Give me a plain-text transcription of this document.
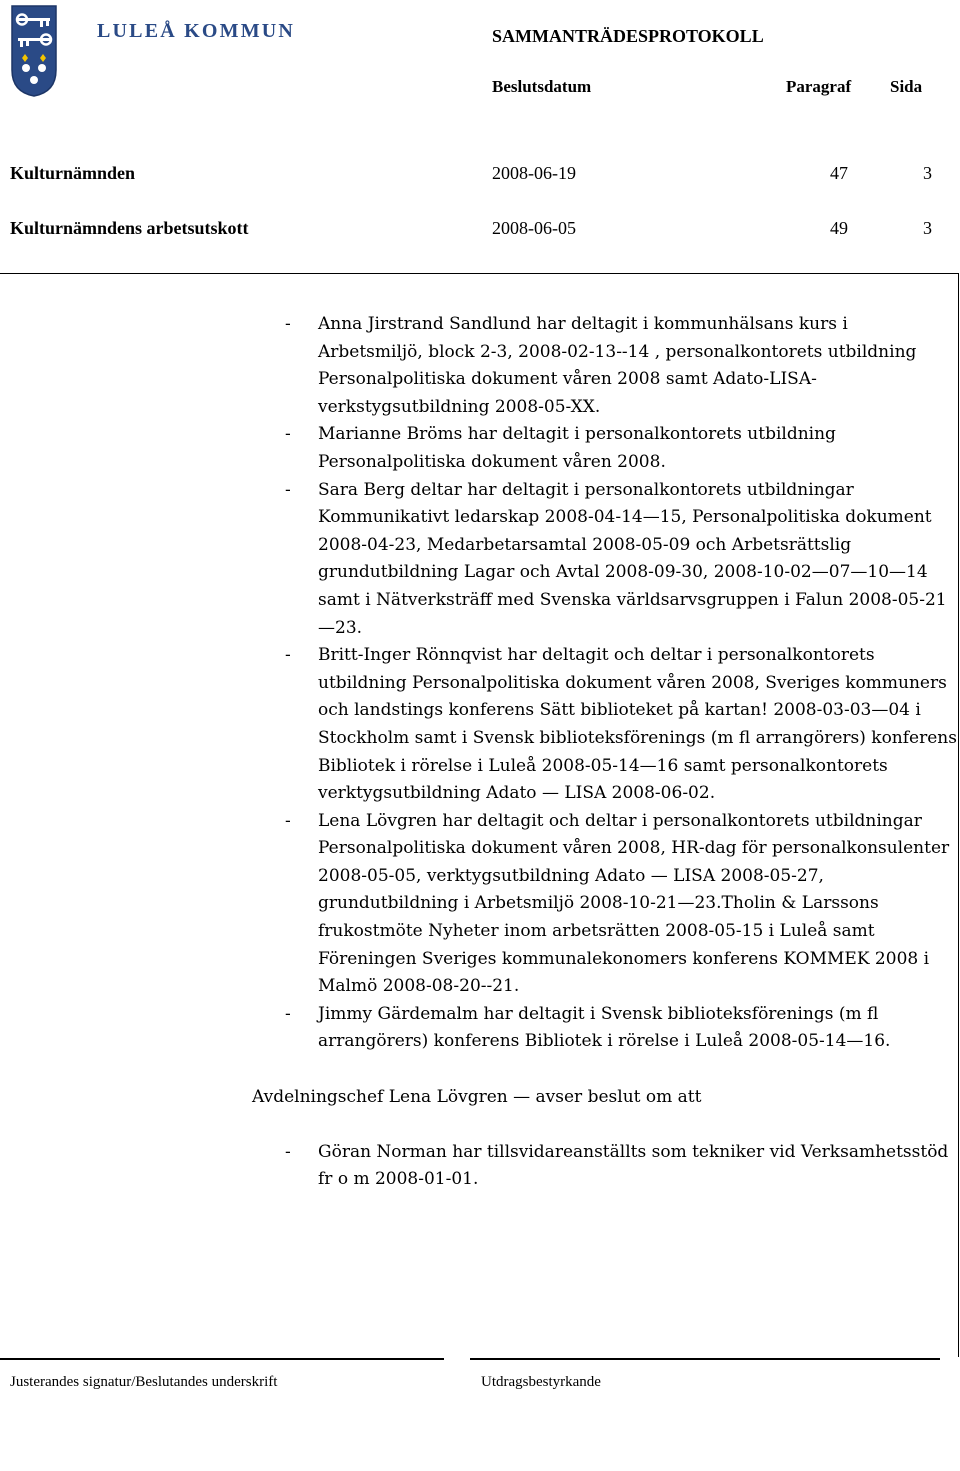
LULEÅ KOMMUN	SAMMANTRÄDESPROTOKOLL
Beslutsdatum	Paragraf Sida
Kulturnämnden	2008-06-19	47	3
Kulturnämndens arbetsutskott	2008-06-05	49	3
- Anna Jirstrand Sandlund har deltagit i kommunhälsans kurs i Arbetsmiljö, block 2-3, 2008-02-13--14 , personalkontorets utbildning Personalpolitiska dokument våren 2008 samt Adato-LISA-verkstygsutbildning 2008-05-XX.
- Marianne Bröms har deltagit i personalkontorets utbildning Personalpolitiska dokument våren 2008.
- Sara Berg deltar har deltagit i personalkontorets utbildningar Kommunikativt ledarskap 2008-04-14—15, Personalpolitiska dokument 2008-04-23, Medarbetarsamtal 2008-05-09 och Arbetsrättslig grundutbildning Lagar och Avtal 2008-09-30, 2008-10-02—07—10—14 samt i Nätverksträff med Svenska världsarvsgruppen i Falun 2008-05-21—23.
- Britt-Inger Rönnqvist har deltagit och deltar i personalkontorets utbildning Personalpolitiska dokument våren 2008, Sveriges kommuners och landstings konferens Sätt biblioteket på kartan! 2008-03-03—04 i Stockholm samt i Svensk biblioteksförenings (m fl arrangörers) konferens Bibliotek i rörelse i Luleå 2008-05-14—16 samt personalkontorets verktygsutbildning Adato — LISA 2008-06-02.
- Lena Lövgren har deltagit och deltar i personalkontorets utbildningar Personalpolitiska dokument våren 2008, HR-dag för personalkonsulenter 2008-05-05, verktygsutbildning Adato — LISA 2008-05-27, grundutbildning i Arbetsmiljö 2008-10-21—23.Tholin & Larssons frukostmöte Nyheter inom arbetsrätten 2008-05-15 i Luleå samt Föreningen Sveriges kommunalekonomers konferens KOMMEK 2008 i Malmö 2008-08-20--21.
- Jimmy Gärdemalm har deltagit i Svensk biblioteksförenings (m fl arrangörers) konferens Bibliotek i rörelse i Luleå 2008-05-14—16.
Avdelningschef Lena Lövgren — avser beslut om att
- Göran Norman har tillsvidareanställts som tekniker vid Verksamhetsstöd fr o m 2008-01-01.
Justerandes signatur/Beslutandes underskrift	Utdragsbestyrkande
